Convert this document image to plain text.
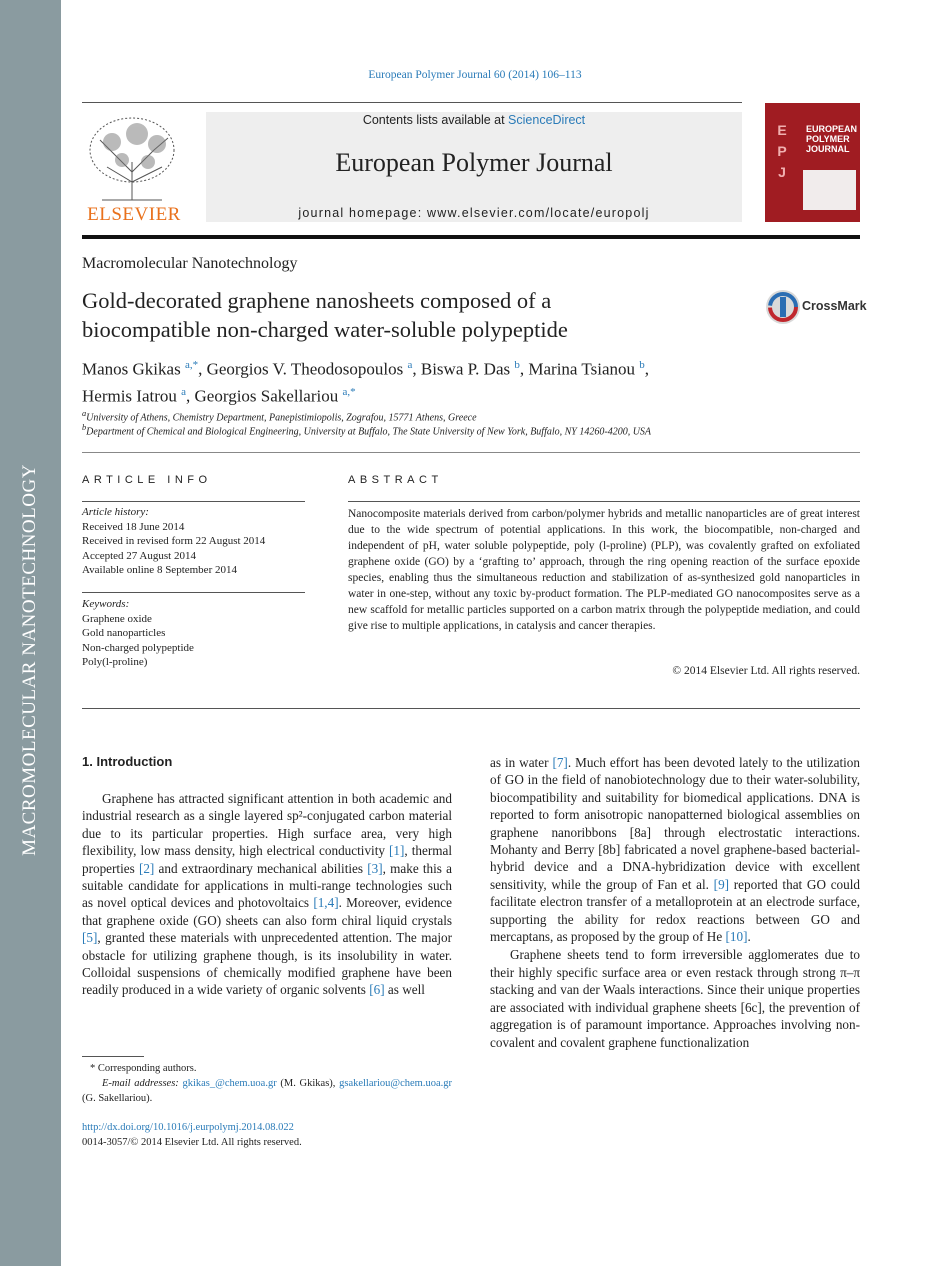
MACROMOLECULAR NANOTECHNOLOGY
European Polymer Journal 60 (2014) 106–113
ELSEVIER
Contents lists available at ScienceDirect
European Polymer Journal
journal homepage: www.elsevier.com/locate/europolj
E
P
J
EUROPEAN POLYMER JOURNAL
Macromolecular Nanotechnology
Gold-decorated graphene nanosheets composed of a
biocompatible non-charged water-soluble polypeptide
CrossMark
Manos Gkikas $^{a,*}$, Georgios V. Theodosopoulos $^a$, Biswa P. Das $^b$, Marina Tsianou $^b$,
Hermis Iatrou $^a$, Georgios Sakellariou $^{a,*}$
$^a$University of Athens, Chemistry Department, Panepistimiopolis, Zografou, 15771 Athens, Greece
$^b$Department of Chemical and Biological Engineering, University at Buffalo, The State University of New York, Buffalo, NY 14260-4200, USA
ARTICLE INFO
Article history:
Received 18 June 2014
Received in revised form 22 August 2014
Accepted 27 August 2014
Available online 8 September 2014
Keywords:
Graphene oxide
Gold nanoparticles
Non-charged polypeptide
Poly(l-proline)
ABSTRACT
Nanocomposite materials derived from carbon/polymer hybrids and metallic nanoparticles are of great interest due to the wide spectrum of potential applications. In this work, the biocompatible, non-charged and independent of pH, water soluble polypeptide, poly (l-proline) (PLP), was covalently grafted on exfoliated graphene oxide (GO) by a ‘grafting to’ approach, through the ring opening reaction of the surface epoxide species, enabling thus the simultaneous reduction and stabilization of as-synthesized gold nanoparticles in water in one-step, without any toxic by-product formation. The PLP-mediated GO nanocomposites serve as a new scaffold for metallic particles supported on a carbon matrix through the polypeptide mediation, and could give rise to multiple applications, in catalysis and cancer therapies.
© 2014 Elsevier Ltd. All rights reserved.
1. Introduction

Graphene has attracted significant attention in both academic and industrial research as a single layered sp²-conjugated carbon material due to its particular properties. High surface area, very high flexibility, low mass density, high electrical conductivity [1], thermal properties [2] and extraordinary mechanical abilities [3], make this a suitable candidate for applications in multi-range technologies such as novel optical devices and photovoltaics [1,4]. Moreover, evidence that graphene oxide (GO) sheets can also form chiral liquid crystals [5], granted these materials with unprecedented attention. The major obstacle for utilizing graphene though, is its insolubility in water. Colloidal suspensions of chemically modified graphene have been readily produced in a wide variety of organic solvents [6] as well

as in water [7]. Much effort has been devoted lately to the utilization of GO in the field of nanobiotechnology due to their water-solubility, biocompatibility and suitability for biomedical applications. DNA is reported to form anisotropic nanopatterned biological assemblies on graphene nanoribbons [8a] through electrostatic interactions. Mohanty and Berry [8b] fabricated a novel graphene-based bacterial-hybrid device and a DNA-hybridization device with excellent sensitivity, while the group of Fan et al. [9] reported that GO could facilitate electron transfer of a metalloprotein at an electrode surface, supporting the ability for redox reactions between GO and mercaptans, as proposed by the group of He [10].

Graphene sheets tend to form irreversible agglomerates due to their highly specific surface area or even restack through strong π–π stacking and van der Waals interactions. Since their unique properties are associated with individual graphene sheets [6c], the prevention of aggregation is of paramount importance. Approaches involving non-covalent and covalent graphene functionalization

* Corresponding authors.
E-mail addresses: gkikas_@chem.uoa.gr (M. Gkikas), gsakellariou@chem.uoa.gr (G. Sakellariou).
http://dx.doi.org/10.1016/j.eurpolymj.2014.08.022
0014-3057/© 2014 Elsevier Ltd. All rights reserved.
